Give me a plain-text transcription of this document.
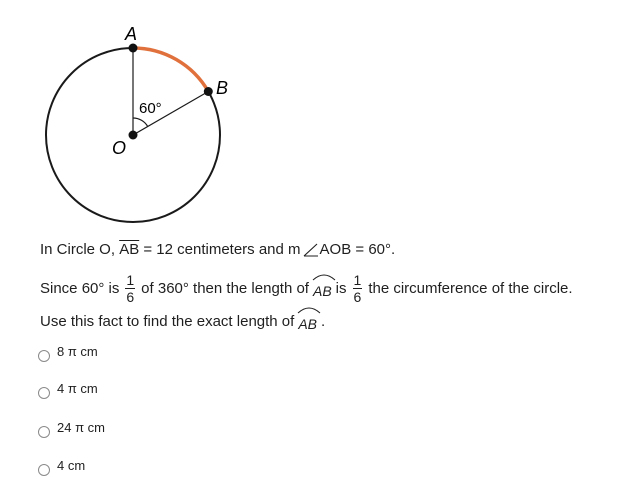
A
B
O
60°
In Circle O, $\overline{AB} = 12$ centimeters and m AOB = 60°.
Since 60° is $\frac{1}{6}$ of 360° then the length of AB is $\frac{1}{6}$ the circumference of the circle.
Use this fact to find the exact length of AB .
8 π cm
4 π cm
24 π cm
4 cm
